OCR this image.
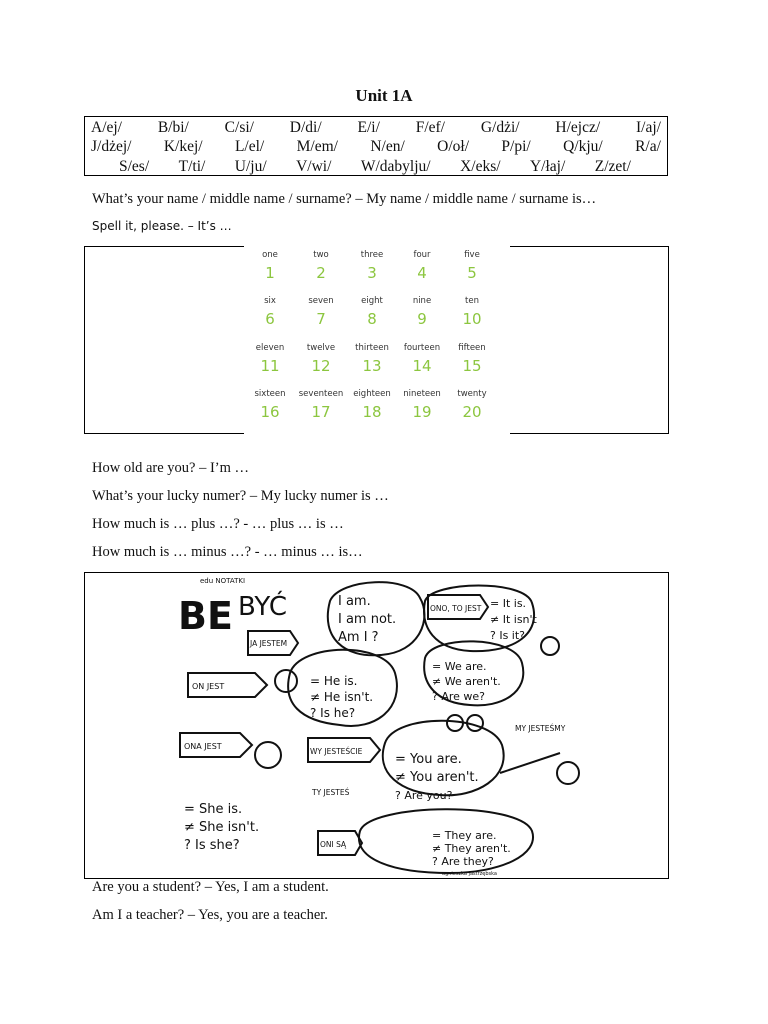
Unit 1A
A/ej/ B/bi/ C/si/ D/di/ E/i/ F/ef/ G/dżi/ H/ejcz/ I/aj/
J/dżej/ K/kej/ L/el/ M/em/ N/en/ O/oł/ P/pi/ Q/kju/ R/a/
S/es/ T/ti/ U/ju/ V/wi/ W/dabylju/ X/eks/ Y/łaj/ Z/zet/
What’s your name / middle name / surname? – My name / middle name / surname is…
Spell it, please. – It’s …
one
1
two
2
three
3
four
4
five
5
six
6
seven
7
eight
8
nine
9
ten
10
eleven
11
twelve
12
thirteen
13
fourteen
14
fifteen
15
sixteen
16
seventeen
17
eighteen
18
nineteen
19
twenty
20
How old are you? – I’m …
What’s your lucky numer? – My lucky numer is …
How much is … plus …? - … plus … is …
How much is … minus …? - … minus … is…
edu NOTATKI
BE BYĆ
JA JESTEM
I am.
I am not.
Am I ?
ONO, TO JEST = It is.
≠ It isn't
? Is it?
ON JEST	= He is.
≠ He isn't.
? Is he?
= We are.
≠ We aren't.
? Are we?
MY JESTEŚMY
ONA JEST
= She is.
≠ She isn't.
? Is she?
WY JESTEŚCIE
TY JESTEŚ
= You are.
≠ You aren't.
? Are you?
ONI SĄ
= They are.
≠ They aren't.
? Are they?
agnieszka jastrzębska
Are you a student? – Yes, I am a student.
Am I a teacher? – Yes, you are a teacher.
